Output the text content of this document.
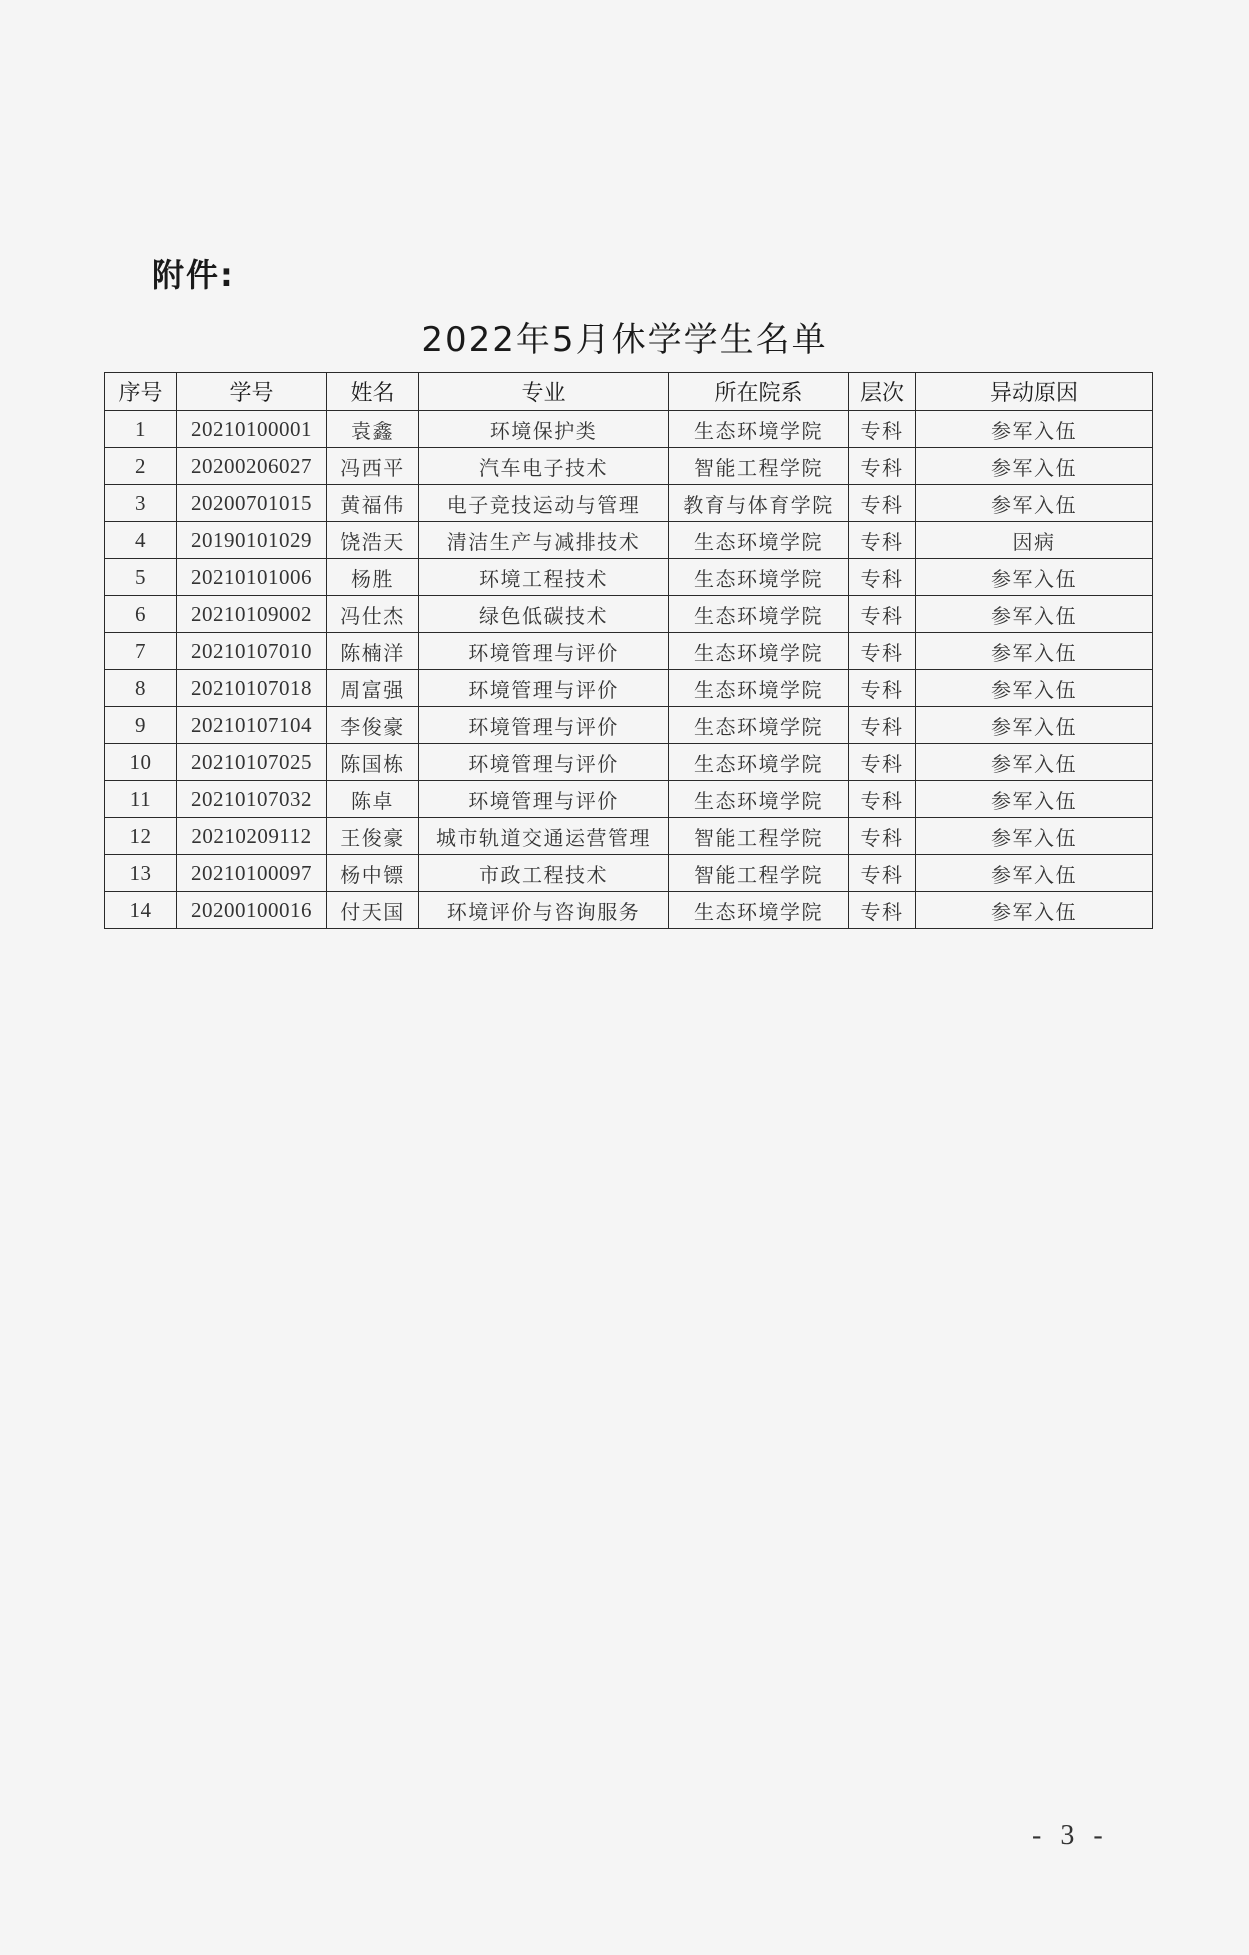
附件:
2022年5月休学学生名单
序号	学号	姓名	专业	所在院系	层次	异动原因
1	20210100001	袁鑫	环境保护类	生态环境学院	专科	参军入伍
2	20200206027	冯西平	汽车电子技术	智能工程学院	专科	参军入伍
3	20200701015	黄福伟	电子竞技运动与管理	教育与体育学院	专科	参军入伍
4	20190101029	饶浩天	清洁生产与减排技术	生态环境学院	专科	因病
5	20210101006	杨胜	环境工程技术	生态环境学院	专科	参军入伍
6	20210109002	冯仕杰	绿色低碳技术	生态环境学院	专科	参军入伍
7	20210107010	陈楠洋	环境管理与评价	生态环境学院	专科	参军入伍
8	20210107018	周富强	环境管理与评价	生态环境学院	专科	参军入伍
9	20210107104	李俊豪	环境管理与评价	生态环境学院	专科	参军入伍
10	20210107025	陈国栋	环境管理与评价	生态环境学院	专科	参军入伍
11	20210107032	陈卓	环境管理与评价	生态环境学院	专科	参军入伍
12	20210209112	王俊豪	城市轨道交通运营管理	智能工程学院	专科	参军入伍
13	20210100097	杨中镖	市政工程技术	智能工程学院	专科	参军入伍
14	20200100016	付天国	环境评价与咨询服务	生态环境学院	专科	参军入伍
- 3 -
